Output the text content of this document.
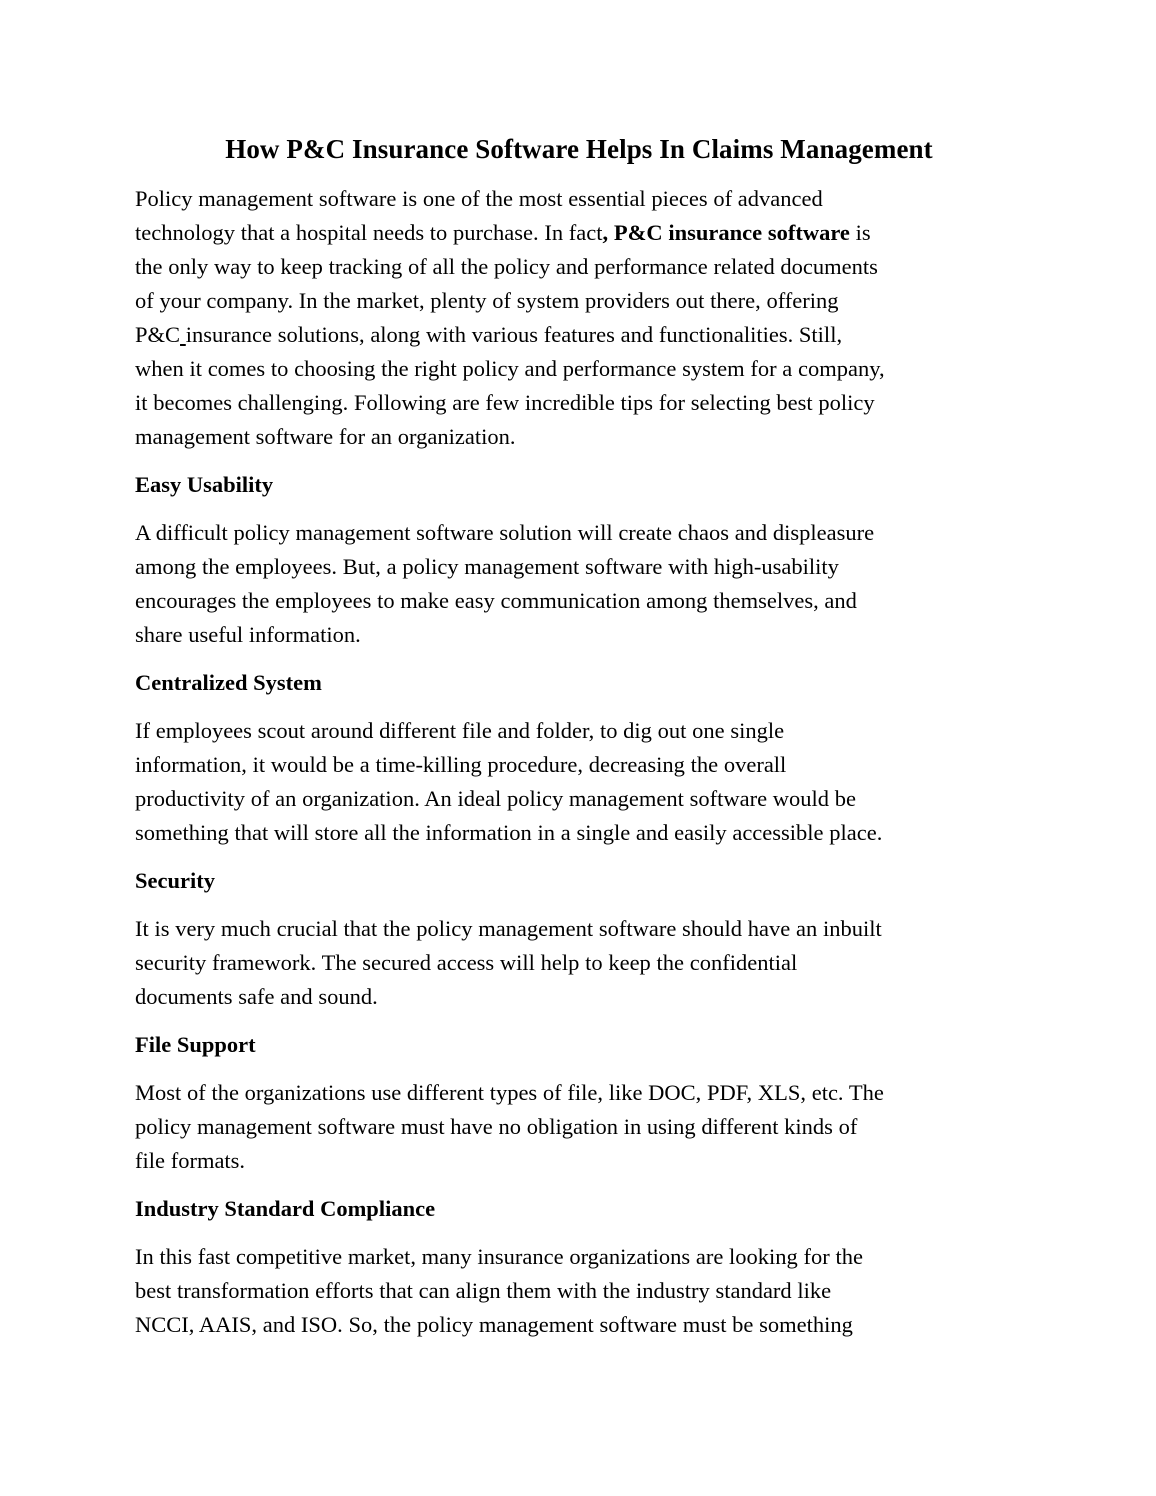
How P&C Insurance Software Helps In Claims Management

Policy management software is one of the most essential pieces of advanced
technology that a hospital needs to purchase. In fact, P&C insurance software is
the only way to keep tracking of all the policy and performance related documents
of your company. In the market, plenty of system providers out there, offering
P&C insurance solutions, along with various features and functionalities. Still,
when it comes to choosing the right policy and performance system for a company,
it becomes challenging. Following are few incredible tips for selecting best policy
management software for an organization.

Easy Usability

A difficult policy management software solution will create chaos and displeasure
among the employees. But, a policy management software with high-usability
encourages the employees to make easy communication among themselves, and
share useful information.

Centralized System

If employees scout around different file and folder, to dig out one single
information, it would be a time-killing procedure, decreasing the overall
productivity of an organization. An ideal policy management software would be
something that will store all the information in a single and easily accessible place.

Security

It is very much crucial that the policy management software should have an inbuilt
security framework. The secured access will help to keep the confidential
documents safe and sound.

File Support

Most of the organizations use different types of file, like DOC, PDF, XLS, etc. The
policy management software must have no obligation in using different kinds of
file formats.

Industry Standard Compliance

In this fast competitive market, many insurance organizations are looking for the
best transformation efforts that can align them with the industry standard like
NCCI, AAIS, and ISO. So, the policy management software must be something
